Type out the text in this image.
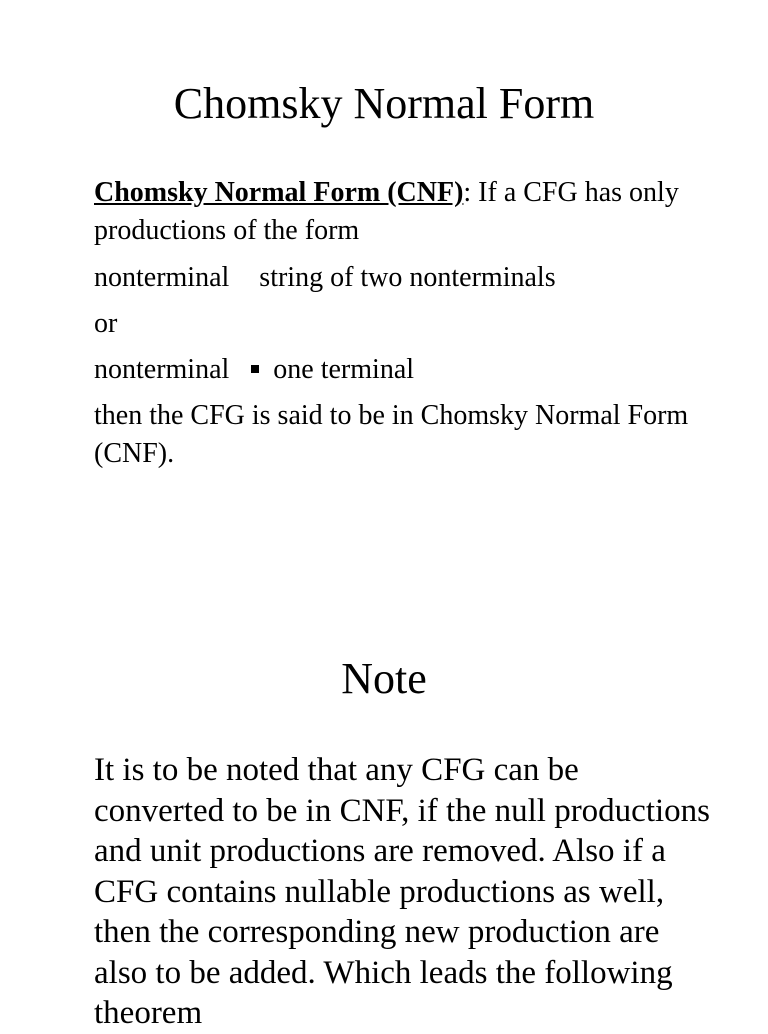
Chomsky Normal Form

Chomsky Normal Form (CNF): If a CFG has only productions of the form

nonterminal string of two nonterminals

or

nonterminal one terminal

then the CFG is said to be in Chomsky Normal Form (CNF).

Note

It is to be noted that any CFG can be converted to be in CNF, if the null productions and unit productions are removed. Also if a CFG contains nullable productions as well, then the corresponding new production are also to be added. Which leads the following theorem
